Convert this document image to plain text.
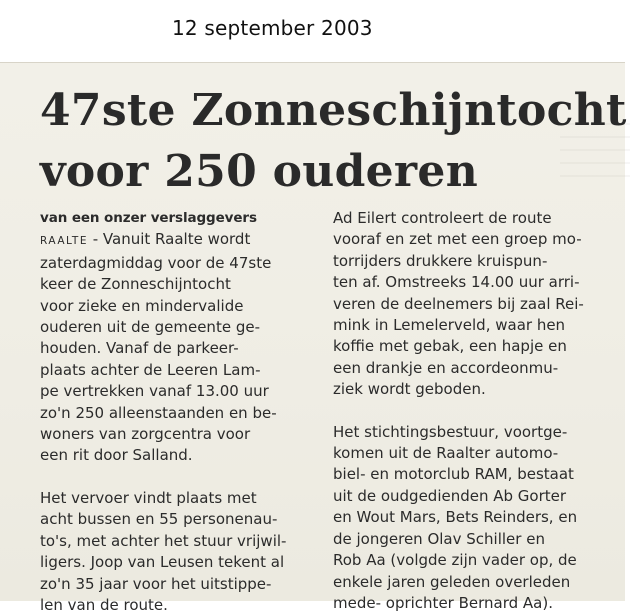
12 september 2003
47ste Zonneschijntocht
voor 250 ouderen
van een onzer verslaggevers
RAALTE - Vanuit Raalte wordt
zaterdagmiddag voor de 47ste
keer de Zonneschijntocht
voor zieke en mindervalide
ouderen uit de gemeente ge-
houden. Vanaf de parkeer-
plaats achter de Leeren Lam-
pe vertrekken vanaf 13.00 uur
zo'n 250 alleenstaanden en be-
woners van zorgcentra voor
een rit door Salland.
Het vervoer vindt plaats met
acht bussen en 55 personenau-
to's, met achter het stuur vrijwil-
ligers. Joop van Leusen tekent al
zo'n 35 jaar voor het uitstippe-
len van de route.
Ad Eilert controleert de route
vooraf en zet met een groep mo-
torrijders drukkere kruispun-
ten af. Omstreeks 14.00 uur arri-
veren de deelnemers bij zaal Rei-
mink in Lemelerveld, waar hen
koffie met gebak, een hapje en
een drankje en accordeonmu-
ziek wordt geboden.
Het stichtingsbestuur, voortge-
komen uit de Raalter automo-
biel- en motorclub RAM, bestaat
uit de oudgedienden Ab Gorter
en Wout Mars, Bets Reinders, en
de jongeren Olav Schiller en
Rob Aa (volgde zijn vader op, de
enkele jaren geleden overleden
mede- oprichter Bernard Aa).
